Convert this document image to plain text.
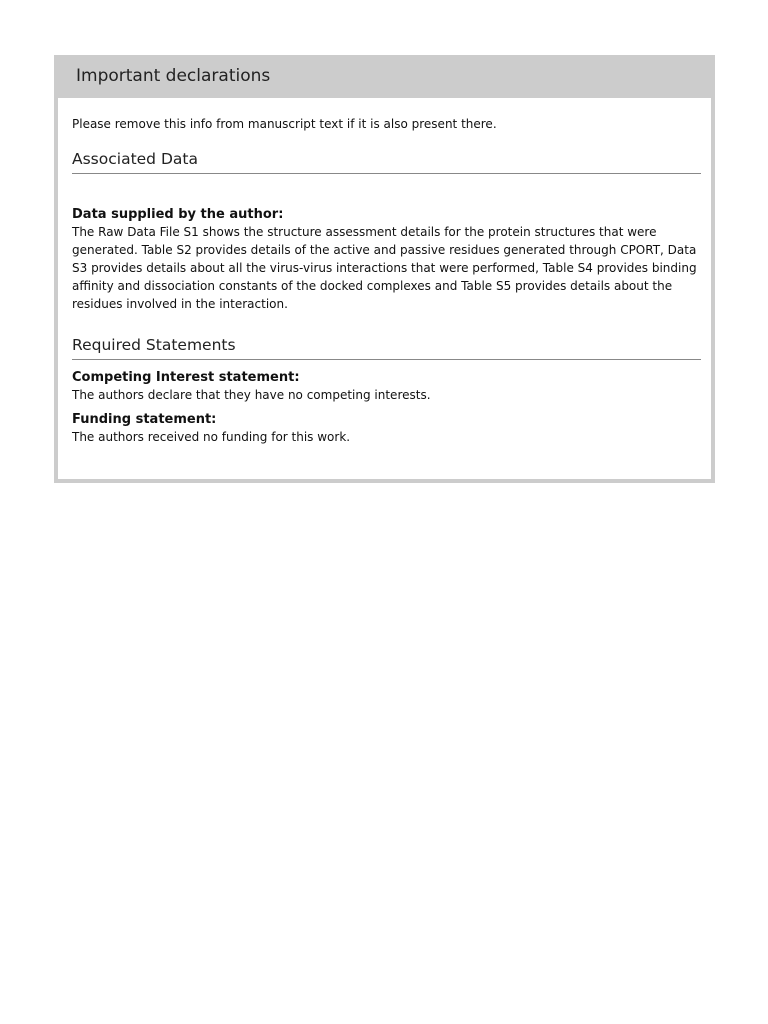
Important declarations

Please remove this info from manuscript text if it is also present there.

Associated Data

Data supplied by the author:

The Raw Data File S1 shows the structure assessment details for the protein structures that were generated. Table S2 provides details of the active and passive residues generated through CPORT, Data S3 provides details about all the virus-virus interactions that were performed, Table S4 provides binding affinity and dissociation constants of the docked complexes and Table S5 provides details about the residues involved in the interaction.

Required Statements

Competing Interest statement:

The authors declare that they have no competing interests.

Funding statement:

The authors received no funding for this work.
